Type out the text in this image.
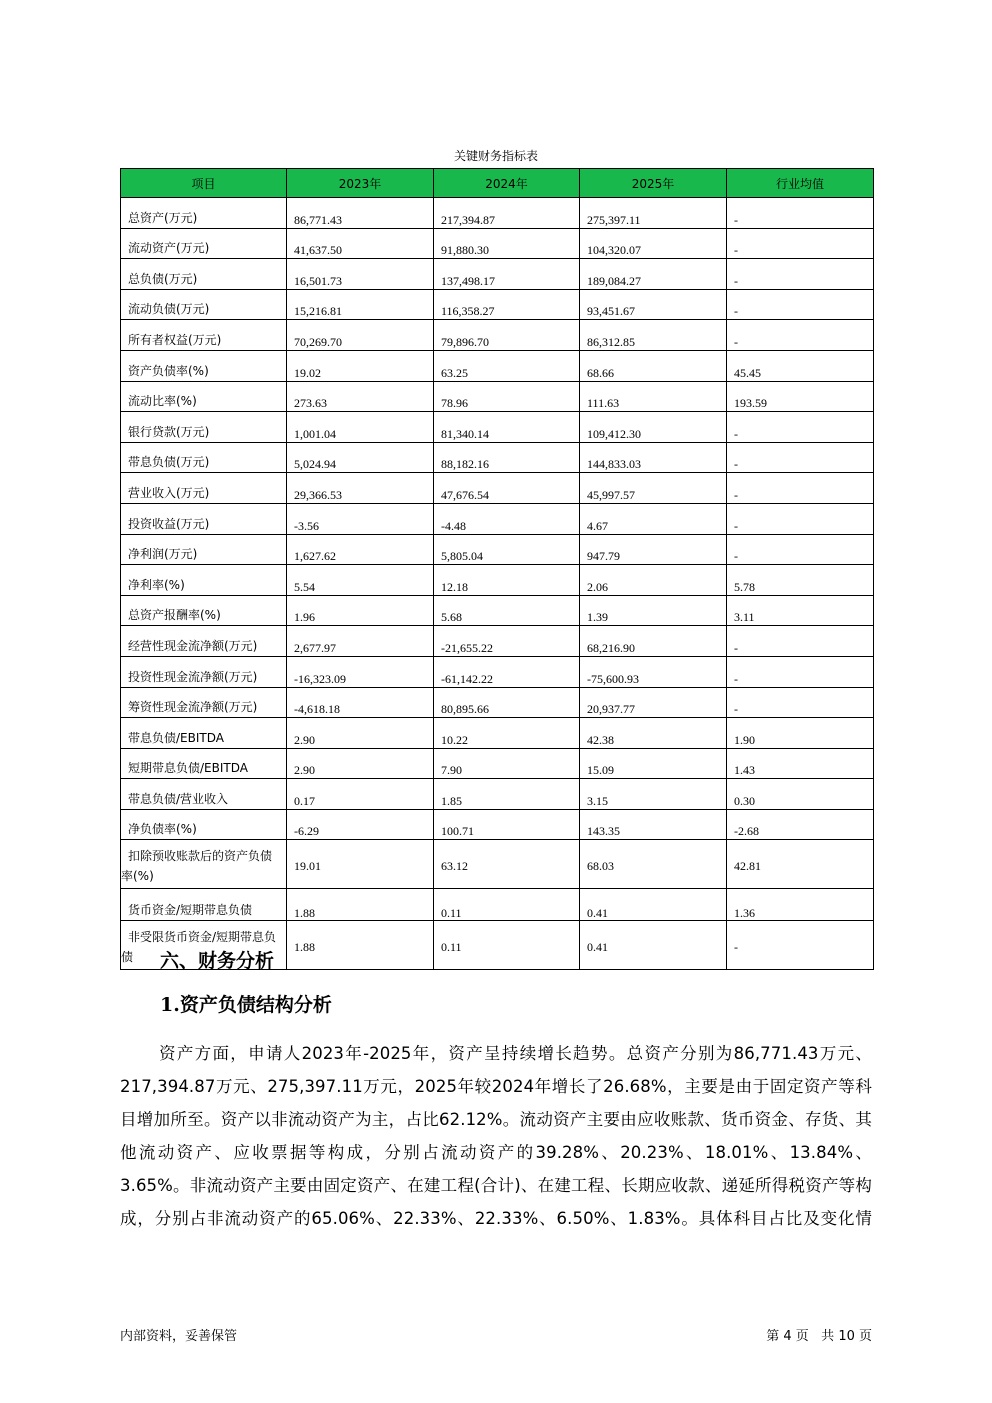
关键财务指标表
项目	2023年	2024年	2025年	行业均值
总资产(万元)	86,771.43	217,394.87	275,397.11	-
流动资产(万元)	41,637.50	91,880.30	104,320.07	-
总负债(万元)	16,501.73	137,498.17	189,084.27	-
流动负债(万元)	15,216.81	116,358.27	93,451.67	-
所有者权益(万元)	70,269.70	79,896.70	86,312.85	-
资产负债率(%)	19.02	63.25	68.66	45.45
流动比率(%)	273.63	78.96	111.63	193.59
银行贷款(万元)	1,001.04	81,340.14	109,412.30	-
带息负债(万元)	5,024.94	88,182.16	144,833.03	-
营业收入(万元)	29,366.53	47,676.54	45,997.57	-
投资收益(万元)	-3.56	-4.48	4.67	-
净利润(万元)	1,627.62	5,805.04	947.79	-
净利率(%)	5.54	12.18	2.06	5.78
总资产报酬率(%)	1.96	5.68	1.39	3.11
经营性现金流净额(万元)	2,677.97	-21,655.22	68,216.90	-
投资性现金流净额(万元)	-16,323.09	-61,142.22	-75,600.93	-
筹资性现金流净额(万元)	-4,618.18	80,895.66	20,937.77	-
带息负债/EBITDA	2.90	10.22	42.38	1.90
短期带息负债/EBITDA	2.90	7.90	15.09	1.43
带息负债/营业收入	0.17	1.85	3.15	0.30
净负债率(%)	-6.29	100.71	143.35	-2.68
扣除预收账款后的资产负债率(%)	19.01	63.12	68.03	42.81
货币资金/短期带息负债	1.88	0.11	0.41	1.36
非受限货币资金/短期带息负债	1.88	0.11	0.41	-
六、财务分析
1.资产负债结构分析
资产方面，申请人2023年-2025年，资产呈持续增长趋势。总资产分别为86,771.43万元、217,394.87万元、275,397.11万元，2025年较2024年增长了26.68%，主要是由于固定资产等科目增加所至。资产以非流动资产为主，占比62.12%。流动资产主要由应收账款、货币资金、存货、其他流动资产、应收票据等构成，分别占流动资产的39.28%、20.23%、18.01%、13.84%、3.65%。非流动资产主要由固定资产、在建工程(合计)、在建工程、长期应收款、递延所得税资产等构成，分别占非流动资产的65.06%、22.33%、22.33%、6.50%、1.83%。具体科目占比及变化情
内部资料，妥善保管	第 4 页   共 10 页
